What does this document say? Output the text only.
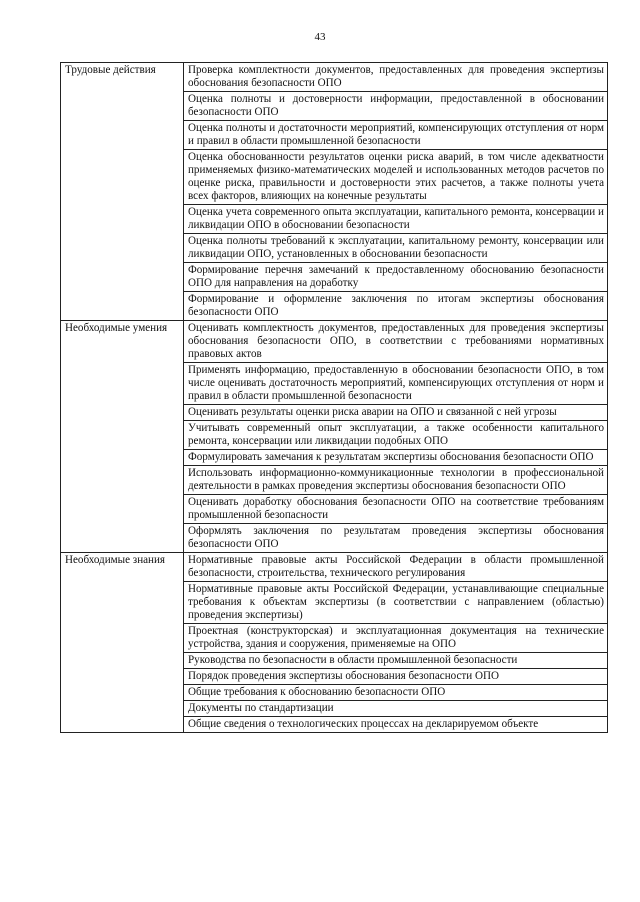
43
Трудовые действия	Проверка комплектности документов, предоставленных для проведения экспертизы обоснования безопасности ОПО
	Оценка полноты и достоверности информации, предоставленной в обосновании безопасности ОПО
	Оценка полноты и достаточности мероприятий, компенсирующих отступления от норм и правил в области промышленной безопасности
	Оценка обоснованности результатов оценки риска аварий, в том числе адекватности применяемых физико-математических моделей и использованных методов расчетов по оценке риска, правильности и достоверности этих расчетов, а также полноты учета всех факторов, влияющих на конечные результаты
	Оценка учета современного опыта эксплуатации, капитального ремонта, консервации и ликвидации ОПО в обосновании безопасности
	Оценка полноты требований к эксплуатации, капитальному ремонту, консервации или ликвидации ОПО, установленных в обосновании безопасности
	Формирование перечня замечаний к предоставленному обоснованию безопасности ОПО для направления на доработку
	Формирование и оформление заключения по итогам экспертизы обоснования безопасности ОПО
Необходимые умения	Оценивать комплектность документов, предоставленных для проведения экспертизы обоснования безопасности ОПО, в соответствии с требованиями нормативных правовых актов
	Применять информацию, предоставленную в обосновании безопасности ОПО, в том числе оценивать достаточность мероприятий, компенсирующих отступления от норм и правил в области промышленной безопасности
	Оценивать результаты оценки риска аварии на ОПО и связанной с ней угрозы
	Учитывать современный опыт эксплуатации, а также особенности капитального ремонта, консервации или ликвидации подобных ОПО
	Формулировать замечания к результатам экспертизы обоснования безопасности ОПО
	Использовать информационно-коммуникационные технологии в профессиональной деятельности в рамках проведения экспертизы обоснования безопасности ОПО
	Оценивать доработку обоснования безопасности ОПО на соответствие требованиям промышленной безопасности
	Оформлять заключения по результатам проведения экспертизы обоснования безопасности ОПО
Необходимые знания	Нормативные правовые акты Российской Федерации в области промышленной безопасности, строительства, технического регулирования
	Нормативные правовые акты Российской Федерации, устанавливающие специальные требования к объектам экспертизы (в соответствии с направлением (областью) проведения экспертизы)
	Проектная (конструкторская) и эксплуатационная документация на технические устройства, здания и сооружения, применяемые на ОПО
	Руководства по безопасности в области промышленной безопасности
	Порядок проведения экспертизы обоснования безопасности ОПО
	Общие требования к обоснованию безопасности ОПО
	Документы по стандартизации
	Общие сведения о технологических процессах на декларируемом объекте
